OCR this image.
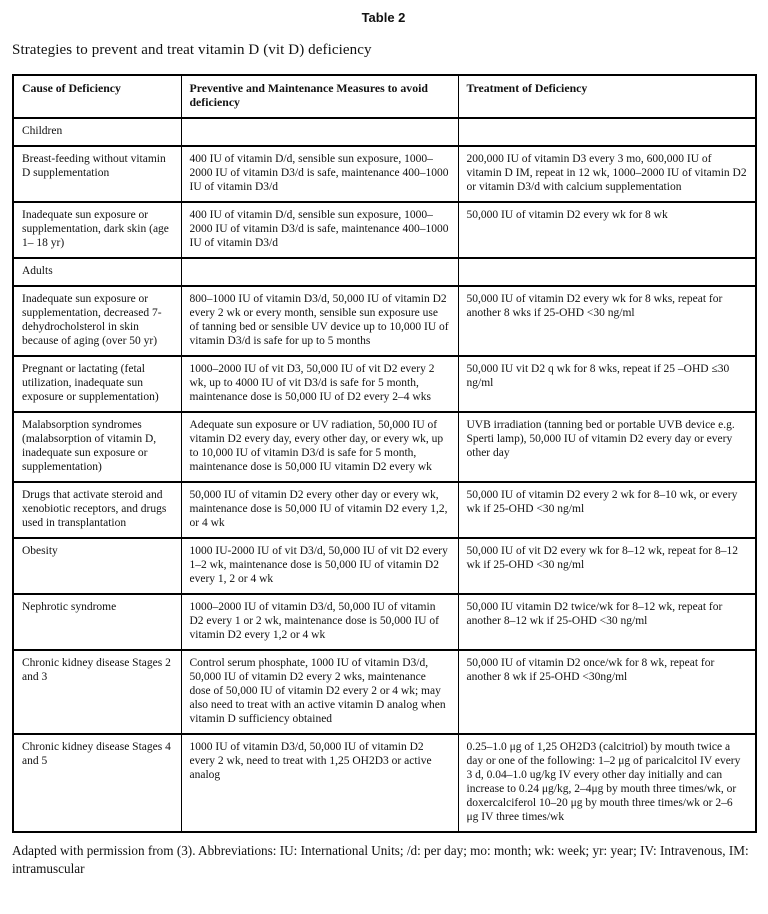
Table 2
Strategies to prevent and treat vitamin D (vit D) deficiency
Cause of Deficiency	Preventive and Maintenance Measures to avoid deficiency	Treatment of Deficiency
Children		
Breast-feeding without vitamin D supplementation	400 IU of vitamin D/d, sensible sun exposure, 1000–2000 IU of vitamin D3/d is safe, maintenance 400–1000 IU of vitamin D3/d	200,000 IU of vitamin D3 every 3 mo, 600,000 IU of vitamin D IM, repeat in 12 wk, 1000–2000 IU of vitamin D2 or vitamin D3/d with calcium supplementation
Inadequate sun exposure or supplementation, dark skin (age 1– 18 yr)	400 IU of vitamin D/d, sensible sun exposure, 1000–2000 IU of vitamin D3/d is safe, maintenance 400–1000 IU of vitamin D3/d	50,000 IU of vitamin D2 every wk for 8 wk
Adults		
Inadequate sun exposure or supplementation, decreased 7-dehydrocholsterol in skin because of aging (over 50 yr)	800–1000 IU of vitamin D3/d, 50,000 IU of vitamin D2 every 2 wk or every month, sensible sun exposure use of tanning bed or sensible UV device up to 10,000 IU of vitamin D3/d is safe for up to 5 months	50,000 IU of vitamin D2 every wk for 8 wks, repeat for another 8 wks if 25-OHD <30 ng/ml
Pregnant or lactating (fetal utilization, inadequate sun exposure or supplementation)	1000–2000 IU of vit D3, 50,000 IU of vit D2 every 2 wk, up to 4000 IU of vit D3/d is safe for 5 month, maintenance dose is 50,000 IU of D2 every 2–4 wks	50,000 IU vit D2 q wk for 8 wks, repeat if 25 –OHD ≤30 ng/ml
Malabsorption syndromes (malabsorption of vitamin D, inadequate sun exposure or supplementation)	Adequate sun exposure or UV radiation, 50,000 IU of vitamin D2 every day, every other day, or every wk, up to 10,000 IU of vitamin D3/d is safe for 5 month, maintenance dose is 50,000 IU vitamin D2 every wk	UVB irradiation (tanning bed or portable UVB device e.g. Sperti lamp), 50,000 IU of vitamin D2 every day or every other day
Drugs that activate steroid and xenobiotic receptors, and drugs used in transplantation	50,000 IU of vitamin D2 every other day or every wk, maintenance dose is 50,000 IU of vitamin D2 every 1,2, or 4 wk	50,000 IU of vitamin D2 every 2 wk for 8–10 wk, or every wk if 25-OHD <30 ng/ml
Obesity	1000 IU-2000 IU of vit D3/d, 50,000 IU of vit D2 every 1–2 wk, maintenance dose is 50,000 IU of vitamin D2 every 1, 2 or 4 wk	50,000 IU of vit D2 every wk for 8–12 wk, repeat for 8–12 wk if 25-OHD <30 ng/ml
Nephrotic syndrome	1000–2000 IU of vitamin D3/d, 50,000 IU of vitamin D2 every 1 or 2 wk, maintenance dose is 50,000 IU of vitamin D2 every 1,2 or 4 wk	50,000 IU vitamin D2 twice/wk for 8–12 wk, repeat for another 8–12 wk if 25-OHD <30 ng/ml
Chronic kidney disease Stages 2 and 3	Control serum phosphate, 1000 IU of vitamin D3/d, 50,000 IU of vitamin D2 every 2 wks, maintenance dose of 50,000 IU of vitamin D2 every 2 or 4 wk; may also need to treat with an active vitamin D analog when vitamin D sufficiency obtained	50,000 IU of vitamin D2 once/wk for 8 wk, repeat for another 8 wk if 25-OHD <30ng/ml
Chronic kidney disease Stages 4 and 5	1000 IU of vitamin D3/d, 50,000 IU of vitamin D2 every 2 wk, need to treat with 1,25 OH2D3 or active analog	0.25–1.0 μg of 1,25 OH2D3 (calcitriol) by mouth twice a day or one of the following: 1–2 μg of paricalcitol IV every 3 d, 0.04–1.0 ug/kg IV every other day initially and can increase to 0.24 μg/kg, 2–4μg by mouth three times/wk, or doxercalciferol 10–20 μg by mouth three times/wk or 2–6 μg IV three times/wk
Adapted with permission from (3). Abbreviations: IU: International Units; /d: per day; mo: month; wk: week; yr: year; IV: Intravenous, IM: intramuscular
